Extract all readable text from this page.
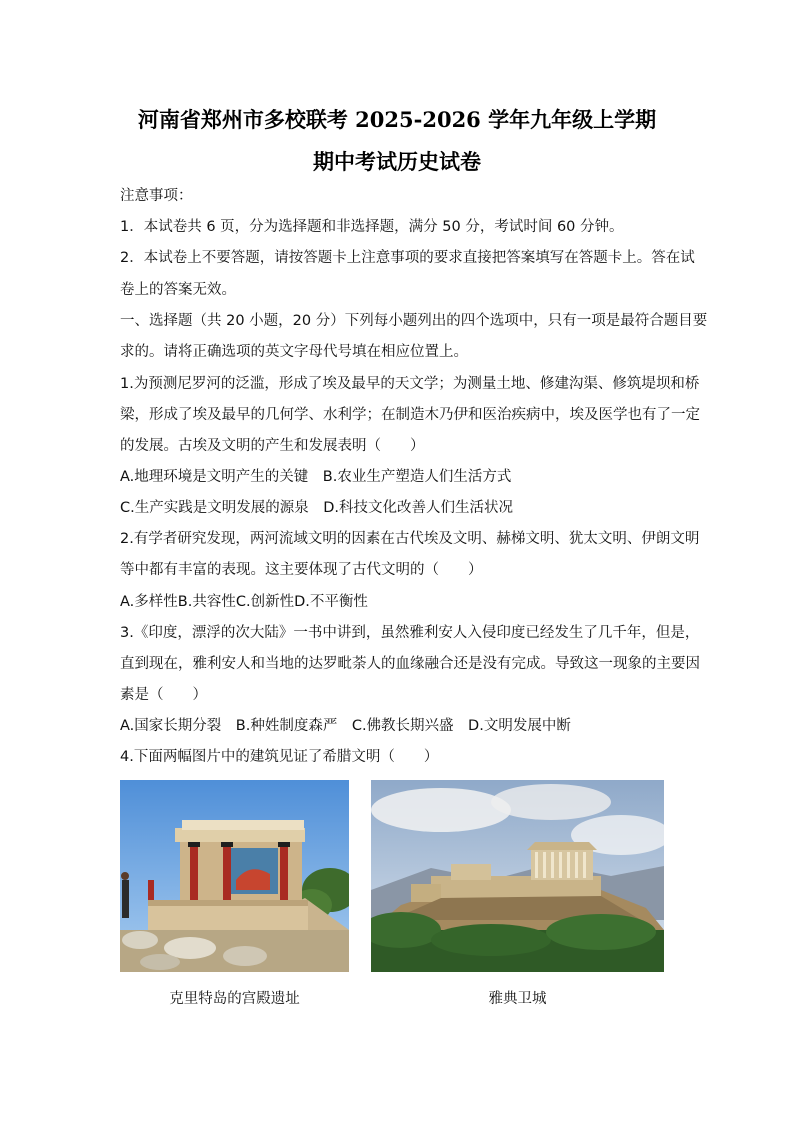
河南省郑州市多校联考 2025-2026 学年九年级上学期
期中考试历史试卷
注意事项：
1．本试卷共 6 页，分为选择题和非选择题，满分 50 分，考试时间 60 分钟。
2．本试卷上不要答题，请按答题卡上注意事项的要求直接把答案填写在答题卡上。答在试
卷上的答案无效。
一、选择题（共 20 小题，20 分）下列每小题列出的四个选项中，只有一项是最符合题目要
求的。请将正确选项的英文字母代号填在相应位置上。
1.为预测尼罗河的泛滥，形成了埃及最早的天文学；为测量土地、修建沟渠、修筑堤坝和桥
梁，形成了埃及最早的几何学、水利学；在制造木乃伊和医治疾病中，埃及医学也有了一定
的发展。古埃及文明的产生和发展表明（　　）
A.地理环境是文明产生的关键　B.农业生产塑造人们生活方式
C.生产实践是文明发展的源泉　D.科技文化改善人们生活状况
2.有学者研究发现，两河流域文明的因素在古代埃及文明、赫梯文明、犹太文明、伊朗文明
等中都有丰富的表现。这主要体现了古代文明的（　　）
A.多样性B.共容性C.创新性D.不平衡性
3.《印度，漂浮的次大陆》一书中讲到，虽然雅利安人入侵印度已经发生了几千年，但是，
直到现在，雅利安人和当地的达罗毗荼人的血缘融合还是没有完成。导致这一现象的主要因
素是（　　）
A.国家长期分裂　B.种姓制度森严　C.佛教长期兴盛　D.文明发展中断
4.下面两幅图片中的建筑见证了希腊文明（　　）
克里特岛的宫殿遗址	雅典卫城
